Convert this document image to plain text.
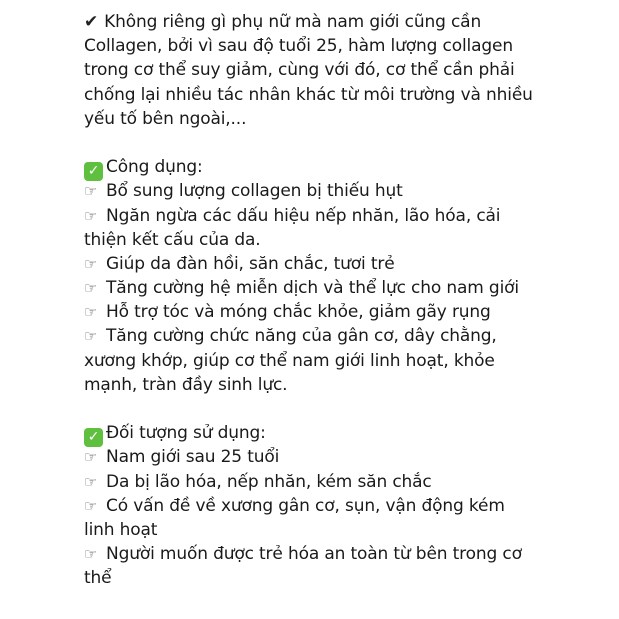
✔ Không riêng gì phụ nữ mà nam giới cũng cần
Collagen, bởi vì sau độ tuổi 25, hàm lượng collagen
trong cơ thể suy giảm, cùng với đó, cơ thể cần phải
chống lại nhiều tác nhân khác từ môi trường và nhiều
yếu tố bên ngoài,...
✓ Công dụng:
☞ Bổ sung lượng collagen bị thiếu hụt
☞ Ngăn ngừa các dấu hiệu nếp nhăn, lão hóa, cải
thiện kết cấu của da.
☞ Giúp da đàn hồi, săn chắc, tươi trẻ
☞ Tăng cường hệ miễn dịch và thể lực cho nam giới
☞ Hỗ trợ tóc và móng chắc khỏe, giảm gãy rụng
☞ Tăng cường chức năng của gân cơ, dây chằng,
xương khớp, giúp cơ thể nam giới linh hoạt, khỏe
mạnh, tràn đầy sinh lực.
✓ Đối tượng sử dụng:
☞ Nam giới sau 25 tuổi
☞ Da bị lão hóa, nếp nhăn, kém săn chắc
☞ Có vấn đề về xương gân cơ, sụn, vận động kém
linh hoạt
☞ Người muốn được trẻ hóa an toàn từ bên trong cơ
thể
